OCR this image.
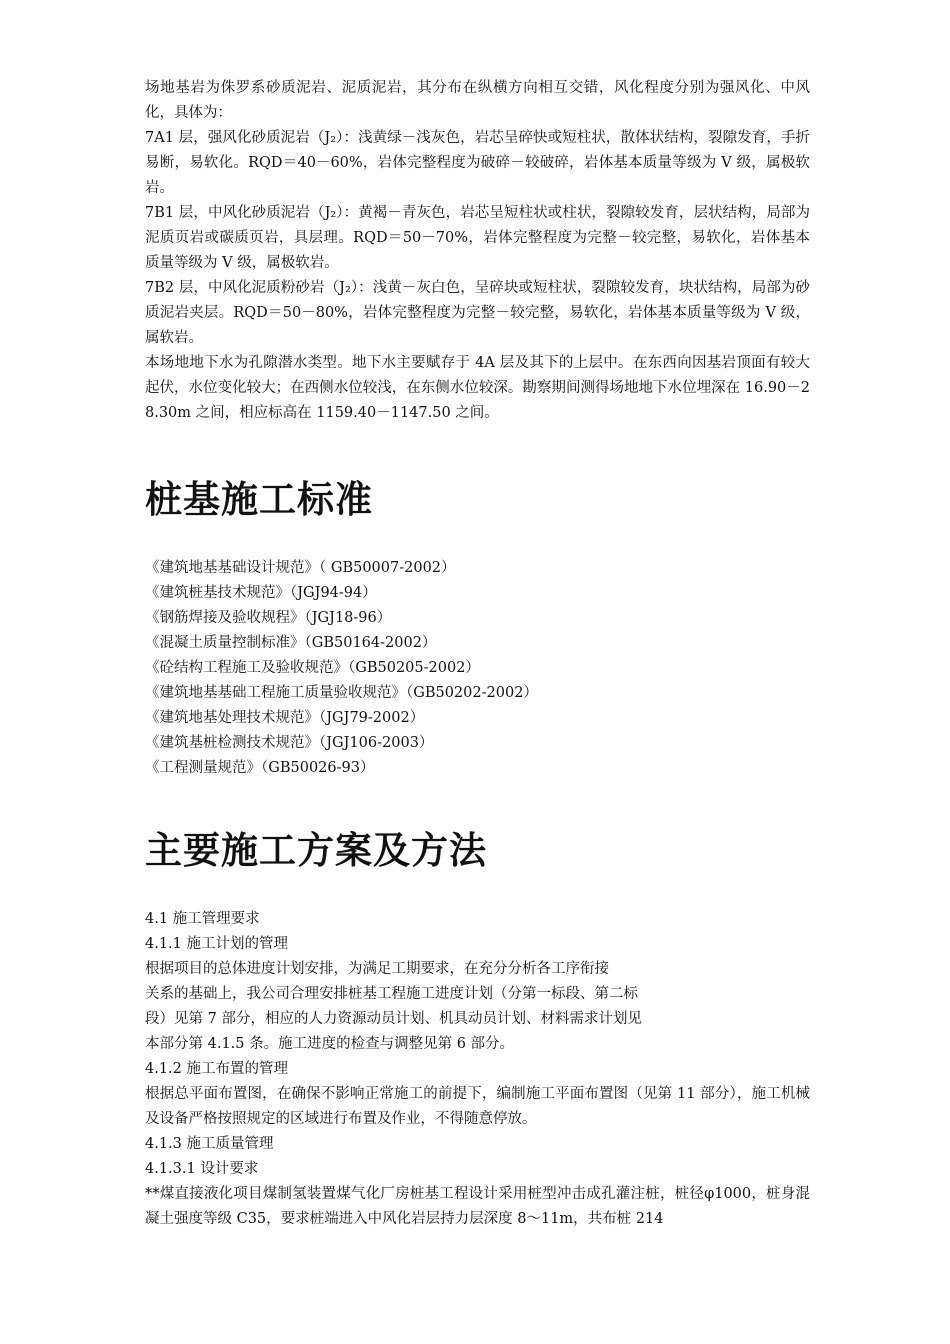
场地基岩为侏罗系砂质泥岩、泥质泥岩，其分布在纵横方向相互交错，风化程度分别为强风化、中风化，具体为：

7A1 层，强风化砂质泥岩（J₂）：浅黄绿－浅灰色，岩芯呈碎快或短柱状，散体状结构，裂隙发育，手折易断，易软化。RQD＝40－60%，岩体完整程度为破碎－较破碎，岩体基本质量等级为 V 级，属极软岩。

7B1 层，中风化砂质泥岩（J₂）：黄褐－青灰色，岩芯呈短柱状或柱状，裂隙较发育，层状结构，局部为泥质页岩或碳质页岩，具层理。RQD＝50－70%，岩体完整程度为完整－较完整，易软化，岩体基本质量等级为 V 级，属极软岩。

7B2 层，中风化泥质粉砂岩（J₂）：浅黄－灰白色，呈碎块或短柱状，裂隙较发育，块状结构，局部为砂质泥岩夹层。RQD＝50－80%，岩体完整程度为完整－较完整，易软化，岩体基本质量等级为 V 级，属软岩。

本场地地下水为孔隙潜水类型。地下水主要赋存于 4A 层及其下的上层中。在东西向因基岩顶面有较大起伏，水位变化较大；在西侧水位较浅，在东侧水位较深。勘察期间测得场地地下水位埋深在 16.90－28.30m 之间，相应标高在 1159.40－1147.50 之间。

桩基施工标准

《建筑地基基础设计规范》（ GB50007-2002）

《建筑桩基技术规范》（JGJ94-94）

《钢筋焊接及验收规程》（JGJ18-96）

《混凝土质量控制标准》（GB50164-2002）

《砼结构工程施工及验收规范》（GB50205-2002）

《建筑地基基础工程施工质量验收规范》（GB50202-2002）

《建筑地基处理技术规范》（JGJ79-2002）

《建筑基桩检测技术规范》（JGJ106-2003）

《工程测量规范》（GB50026-93）

主要施工方案及方法

4.1 施工管理要求

4.1.1 施工计划的管理

根据项目的总体进度计划安排，为满足工期要求，在充分分析各工序衔接

关系的基础上，我公司合理安排桩基工程施工进度计划（分第一标段、第二标

段）见第 7 部分，相应的人力资源动员计划、机具动员计划、材料需求计划见

本部分第 4.1.5 条。施工进度的检查与调整见第 6 部分。

4.1.2 施工布置的管理

根据总平面布置图，在确保不影响正常施工的前提下，编制施工平面布置图（见第 11 部分），施工机械及设备严格按照规定的区域进行布置及作业，不得随意停放。

4.1.3 施工质量管理

4.1.3.1 设计要求

**煤直接液化项目煤制氢装置煤气化厂房桩基工程设计采用桩型冲击成孔灌注桩，桩径φ1000，桩身混凝土强度等级 C35，要求桩端进入中风化岩层持力层深度 8～11m，共布桩 214
